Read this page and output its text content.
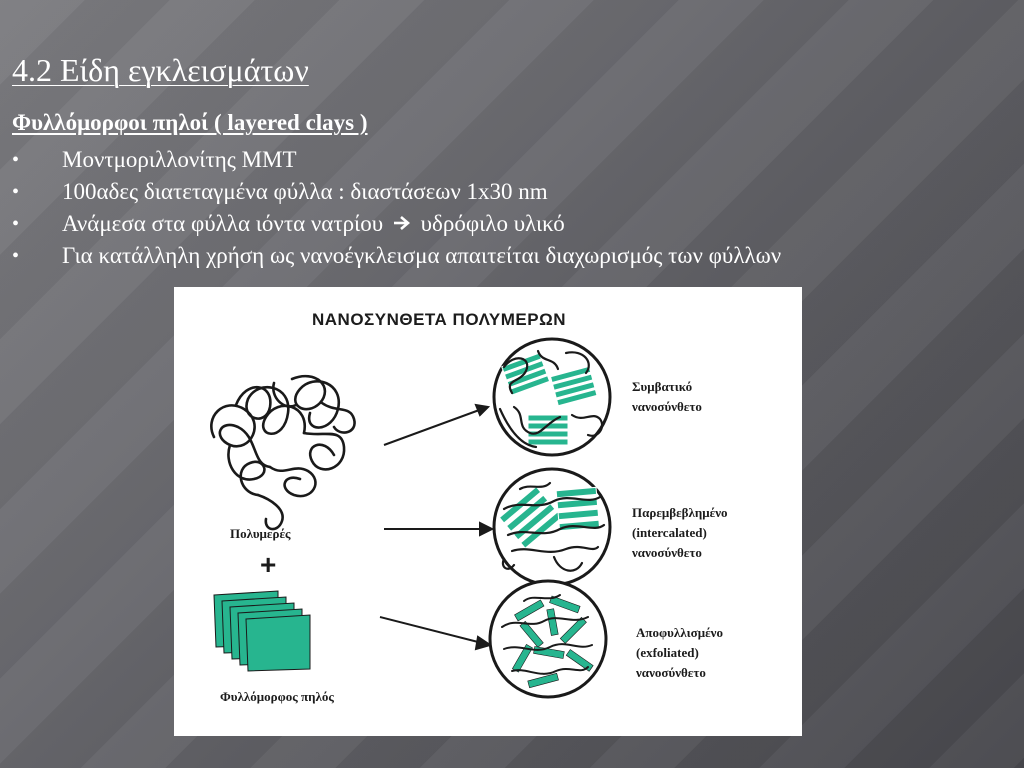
4.2 Είδη εγκλεισμάτων
Φυλλόμορφοι πηλοί ( layered clays )
• Μοντμοριλλονίτης MMT
• 100αδες διατεταγμένα φύλλα : διαστάσεων 1x30 nm
• Ανάμεσα στα φύλλα ιόντα νατρίου υδρόφιλο υλικό
• Για κατάλληλη χρήση ως νανοέγκλεισμα απαιτείται διαχωρισμός των φύλλων
ΝΑΝΟΣΥΝΘΕΤΑ ΠΟΛΥΜΕΡΩΝ
Πολυμερές
+
Φυλλόμορφος πηλός
Συμβατικό
νανοσύνθετο
Παρεμβεβλημένο
(intercalated)
νανοσύνθετο
Αποφυλλισμένο
(exfoliated)
νανοσύνθετο
